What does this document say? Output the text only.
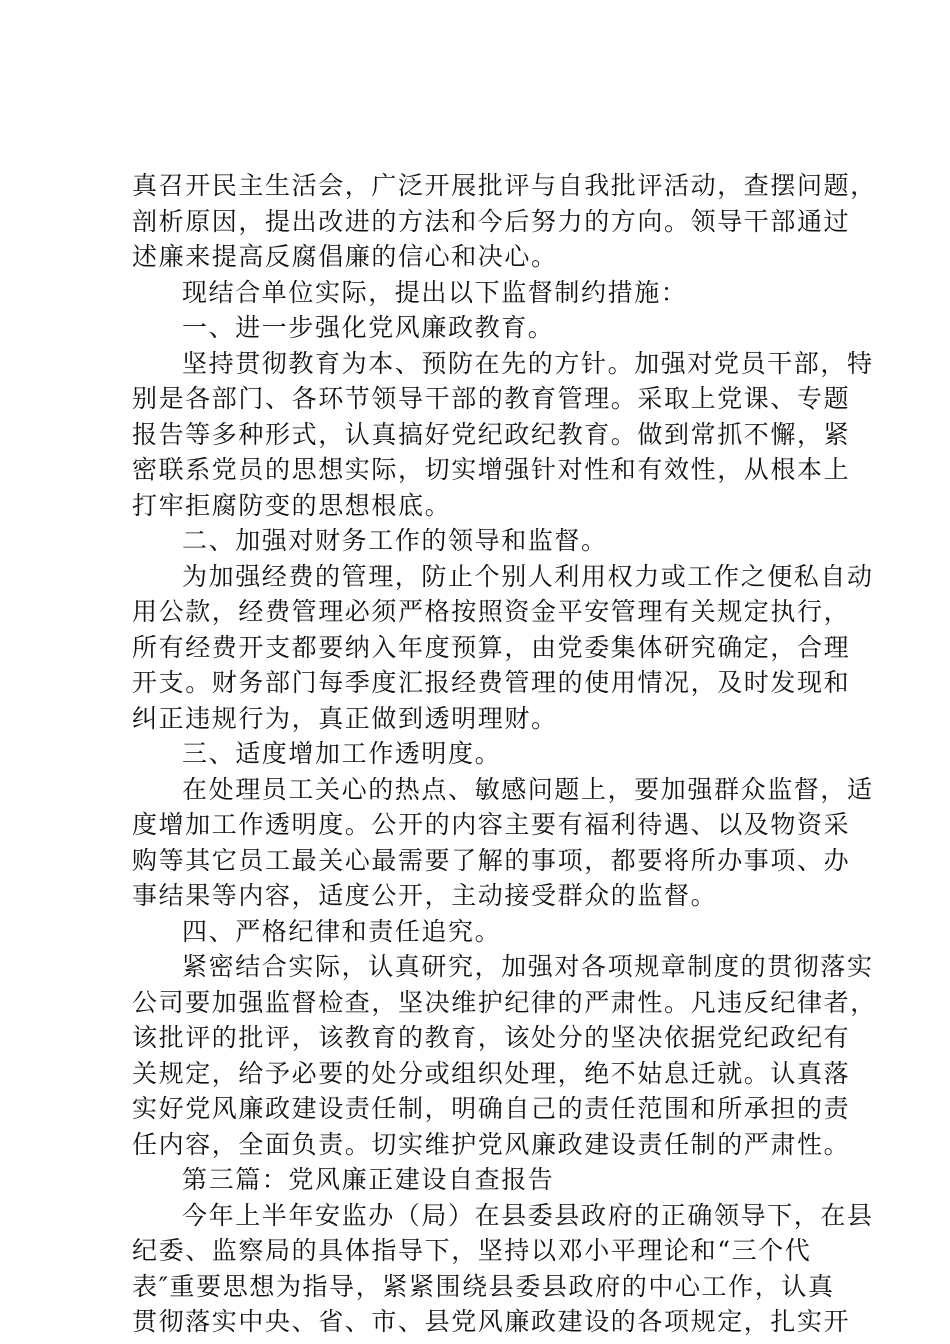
真召开民主生活会，广泛开展批评与自我批评活动，查摆问题，
剖析原因，提出改进的方法和今后努力的方向。领导干部通过
述廉来提高反腐倡廉的信心和决心。
现结合单位实际，提出以下监督制约措施：
一、进一步强化党风廉政教育。
坚持贯彻教育为本、预防在先的方针。加强对党员干部，特
别是各部门、各环节领导干部的教育管理。采取上党课、专题
报告等多种形式，认真搞好党纪政纪教育。做到常抓不懈，紧
密联系党员的思想实际，切实增强针对性和有效性，从根本上
打牢拒腐防变的思想根底。
二、加强对财务工作的领导和监督。
为加强经费的管理，防止个别人利用权力或工作之便私自动
用公款，经费管理必须严格按照资金平安管理有关规定执行，
所有经费开支都要纳入年度预算，由党委集体研究确定，合理
开支。财务部门每季度汇报经费管理的使用情况，及时发现和
纠正违规行为，真正做到透明理财。
三、适度增加工作透明度。
在处理员工关心的热点、敏感问题上，要加强群众监督，适
度增加工作透明度。公开的内容主要有福利待遇、以及物资采
购等其它员工最关心最需要了解的事项，都要将所办事项、办
事结果等内容，适度公开，主动接受群众的监督。
四、严格纪律和责任追究。
紧密结合实际，认真研究，加强对各项规章制度的贯彻落实
公司要加强监督检查，坚决维护纪律的严肃性。凡违反纪律者，
该批评的批评，该教育的教育，该处分的坚决依据党纪政纪有
关规定，给予必要的处分或组织处理，绝不姑息迁就。认真落
实好党风廉政建设责任制，明确自己的责任范围和所承担的责
任内容，全面负责。切实维护党风廉政建设责任制的严肃性。
第三篇：党风廉正建设自查报告
今年上半年安监办（局）在县委县政府的正确领导下，在县
纪委、监察局的具体指导下，坚持以邓小平理论和“三个代
表″重要思想为指导，紧紧围绕县委县政府的中心工作，认真
贯彻落实中央、省、市、县党风廉政建设的各项规定，扎实开
